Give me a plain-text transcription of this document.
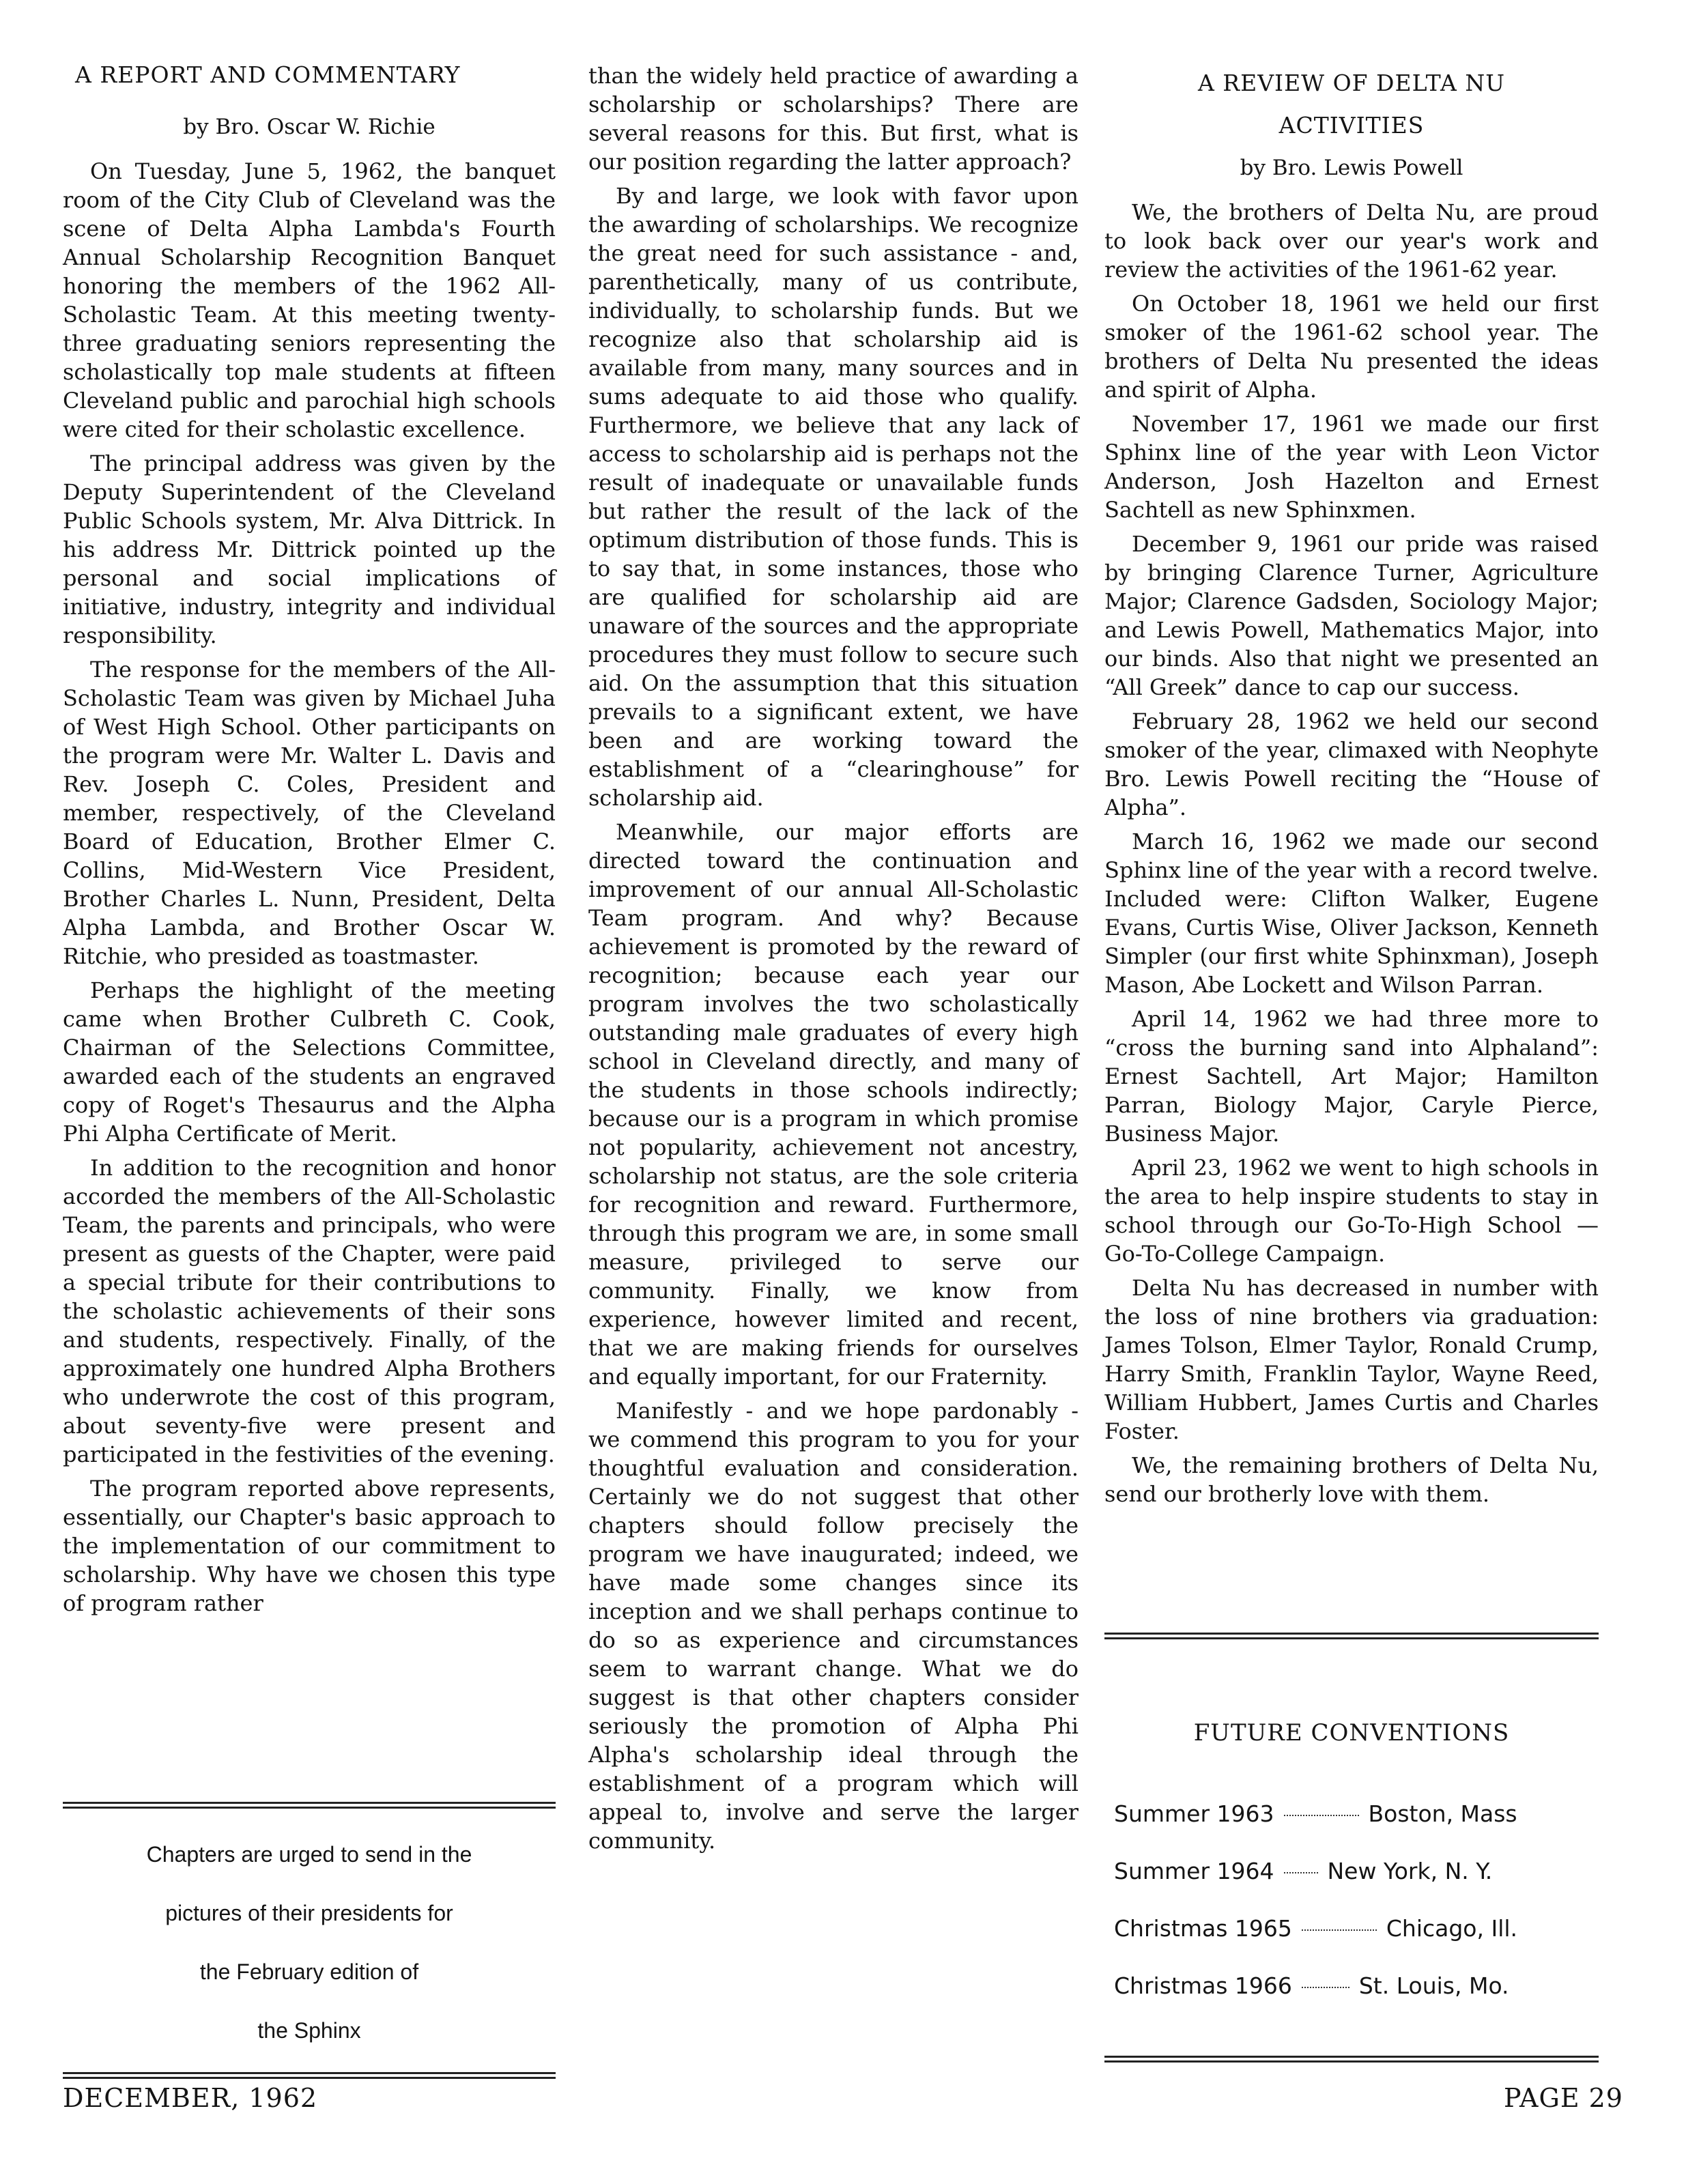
A REPORT AND COMMENTARY
by Bro. Oscar W. Richie

On Tuesday, June 5, 1962, the banquet room of the City Club of Cleveland was the scene of Delta Alpha Lambda's Fourth Annual Scholarship Recognition Banquet honoring the members of the 1962 All-Scholastic Team. At this meeting twenty-three graduating seniors representing the scholastically top male students at fifteen Cleveland public and parochial high schools were cited for their scholastic excellence.

The principal address was given by the Deputy Superintendent of the Cleveland Public Schools system, Mr. Alva Dittrick. In his address Mr. Dittrick pointed up the personal and social implications of initiative, industry, integrity and individual responsibility.

The response for the members of the All-Scholastic Team was given by Michael Juha of West High School. Other participants on the program were Mr. Walter L. Davis and Rev. Joseph C. Coles, President and member, respectively, of the Cleveland Board of Education, Brother Elmer C. Collins, Mid-Western Vice President, Brother Charles L. Nunn, President, Delta Alpha Lambda, and Brother Oscar W. Ritchie, who presided as toastmaster.

Perhaps the highlight of the meeting came when Brother Culbreth C. Cook, Chairman of the Selections Committee, awarded each of the students an engraved copy of Roget's Thesaurus and the Alpha Phi Alpha Certificate of Merit.

In addition to the recognition and honor accorded the members of the All-Scholastic Team, the parents and principals, who were present as guests of the Chapter, were paid a special tribute for their contributions to the scholastic achievements of their sons and students, respectively. Finally, of the approximately one hundred Alpha Brothers who underwrote the cost of this program, about seventy-five were present and participated in the festivities of the evening.

The program reported above represents, essentially, our Chapter's basic approach to the implementation of our commitment to scholarship. Why have we chosen this type of program rather

Chapters are urged to send in the

pictures of their presidents for

the February edition of

the Sphinx

than the widely held practice of awarding a scholarship or scholarships? There are several reasons for this. But first, what is our position regarding the latter approach?

By and large, we look with favor upon the awarding of scholarships. We recognize the great need for such assistance - and, parenthetically, many of us contribute, individually, to scholarship funds. But we recognize also that scholarship aid is available from many, many sources and in sums adequate to aid those who qualify. Furthermore, we believe that any lack of access to scholarship aid is perhaps not the result of inadequate or unavailable funds but rather the result of the lack of the optimum distribution of those funds. This is to say that, in some instances, those who are qualified for scholarship aid are unaware of the sources and the appropriate procedures they must follow to secure such aid. On the assumption that this situation prevails to a significant extent, we have been and are working toward the establishment of a “clearinghouse” for scholarship aid.

Meanwhile, our major efforts are directed toward the continuation and improvement of our annual All-Scholastic Team program. And why? Because achievement is promoted by the reward of recognition; because each year our program involves the two scholastically outstanding male graduates of every high school in Cleveland directly, and many of the students in those schools indirectly; because our is a program in which promise not popularity, achievement not ancestry, scholarship not status, are the sole criteria for recognition and reward. Furthermore, through this program we are, in some small measure, privileged to serve our community. Finally, we know from experience, however limited and recent, that we are making friends for ourselves and equally important, for our Fraternity.

Manifestly - and we hope pardonably - we commend this program to you for your thoughtful evaluation and consideration. Certainly we do not suggest that other chapters should follow precisely the program we have inaugurated; indeed, we have made some changes since its inception and we shall perhaps continue to do so as experience and circumstances seem to warrant change. What we do suggest is that other chapters consider seriously the promotion of Alpha Phi Alpha's scholarship ideal through the establishment of a program which will appeal to, involve and serve the larger community.

A REVIEW OF DELTA NU
ACTIVITIES
by Bro. Lewis Powell

We, the brothers of Delta Nu, are proud to look back over our year's work and review the activities of the 1961-62 year.

On October 18, 1961 we held our first smoker of the 1961-62 school year. The brothers of Delta Nu presented the ideas and spirit of Alpha.

November 17, 1961 we made our first Sphinx line of the year with Leon Victor Anderson, Josh Hazelton and Ernest Sachtell as new Sphinxmen.

December 9, 1961 our pride was raised by bringing Clarence Turner, Agriculture Major; Clarence Gadsden, Sociology Major; and Lewis Powell, Mathematics Major, into our binds. Also that night we presented an “All Greek” dance to cap our success.

February 28, 1962 we held our second smoker of the year, climaxed with Neophyte Bro. Lewis Powell reciting the “House of Alpha”.

March 16, 1962 we made our second Sphinx line of the year with a record twelve. Included were: Clifton Walker, Eugene Evans, Curtis Wise, Oliver Jackson, Kenneth Simpler (our first white Sphinxman), Joseph Mason, Abe Lockett and Wilson Parran.

April 14, 1962 we had three more to “cross the burning sand into Alphaland”: Ernest Sachtell, Art Major; Hamilton Parran, Biology Major, Caryle Pierce, Business Major.

April 23, 1962 we went to high schools in the area to help inspire students to stay in school through our Go-To-High School — Go-To-College Campaign.

Delta Nu has decreased in number with the loss of nine brothers via graduation: James Tolson, Elmer Taylor, Ronald Crump, Harry Smith, Franklin Taylor, Wayne Reed, William Hubbert, James Curtis and Charles Foster.

We, the remaining brothers of Delta Nu, send our brotherly love with them.

FUTURE CONVENTIONS
Summer 1963	Boston, Mass
Summer 1964 New York, N. Y.
Christmas 1965	Chicago, Ill.
Christmas 1966	St. Louis, Mo.
DECEMBER, 1962	PAGE 29
